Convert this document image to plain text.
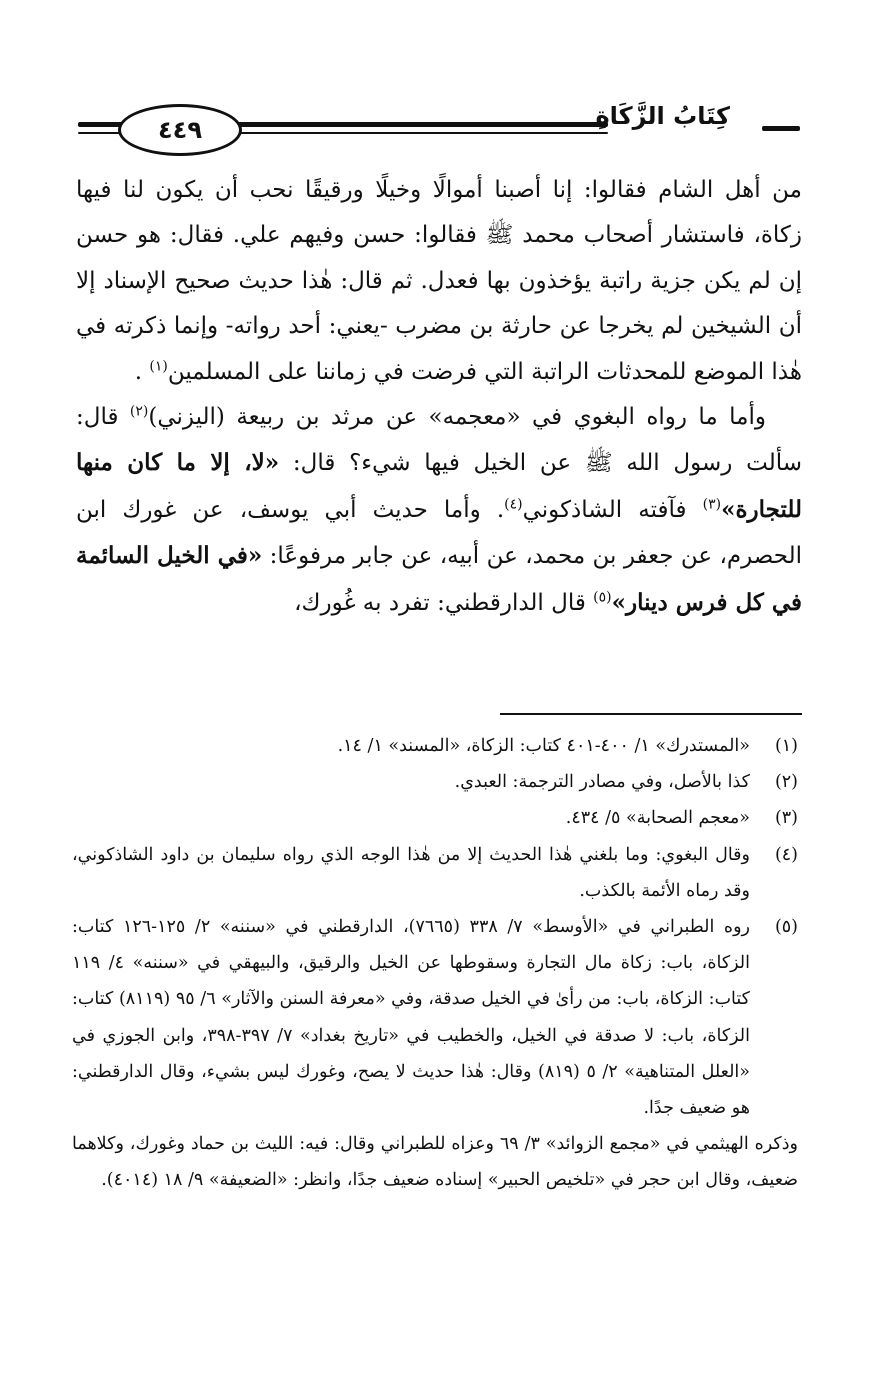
٤٤٩	كِتَابُ الزَّكَاةِ

من أهل الشام فقالوا: إنا أصبنا أموالًا وخيلًا ورقيقًا نحب أن يكون لنا فيها زكاة، فاستشار أصحاب محمد ﷺ فقالوا: حسن وفيهم علي. فقال: هو حسن إن لم يكن جزية راتبة يؤخذون بها فعدل. ثم قال: هٰذا حديث صحيح الإسناد إلا أن الشيخين لم يخرجا عن حارثة بن مضرب -يعني: أحد رواته- وإنما ذكرته في هٰذا الموضع للمحدثات الراتبة التي فرضت في زماننا على المسلمين$^{(١)}$ .

وأما ما رواه البغوي في «معجمه» عن مرثد بن ربيعة (اليزني)$^{(٢)}$ قال: سألت رسول الله ﷺ عن الخيل فيها شيء؟ قال: «لا، إلا ما كان منها للتجارة»$^{(٣)}$ فآفته الشاذكوني$^{(٤)}$. وأما حديث أبي يوسف، عن غورك ابن الحصرم، عن جعفر بن محمد، عن أبيه، عن جابر مرفوعًا: «في الخيل السائمة في كل فرس دينار»$^{(٥)}$ قال الدارقطني: تفرد به غُورك،

(١)
«المستدرك» ١/ ٤٠٠-٤٠١ كتاب: الزكاة، «المسند» ١/ ١٤.
(٢)
كذا بالأصل، وفي مصادر الترجمة: العبدي.
(٣)
«معجم الصحابة» ٥/ ٤٣٤.
(٤)
وقال البغوي: وما بلغني هٰذا الحديث إلا من هٰذا الوجه الذي رواه سليمان بن داود الشاذكوني، وقد رماه الأئمة بالكذب.
(٥)
روه الطبراني في «الأوسط» ٧/ ٣٣٨ (٧٦٦٥)، الدارقطني في «سننه» ٢/ ١٢٥-١٢٦ كتاب: الزكاة، باب: زكاة مال التجارة وسقوطها عن الخيل والرقيق، والبيهقي في «سننه» ٤/ ١١٩ كتاب: الزكاة، باب: من رأىٰ في الخيل صدقة، وفي «معرفة السنن والآثار» ٦/ ٩٥ (٨١١٩) كتاب: الزكاة، باب: لا صدقة في الخيل، والخطيب في «تاريخ بغداد» ٧/ ٣٩٧-٣٩٨، وابن الجوزي في «العلل المتناهية» ٢/ ٥ (٨١٩) وقال: هٰذا حديث لا يصح، وغورك ليس بشيء، وقال الدارقطني: هو ضعيف جدًا.

وذكره الهيثمي في «مجمع الزوائد» ٣/ ٦٩ وعزاه للطبراني وقال: فيه: الليث بن حماد وغورك، وكلاهما ضعيف، وقال ابن حجر في «تلخيص الحبير» إسناده ضعيف جدًا، وانظر: «الضعيفة» ٩/ ١٨ (٤٠١٤).
